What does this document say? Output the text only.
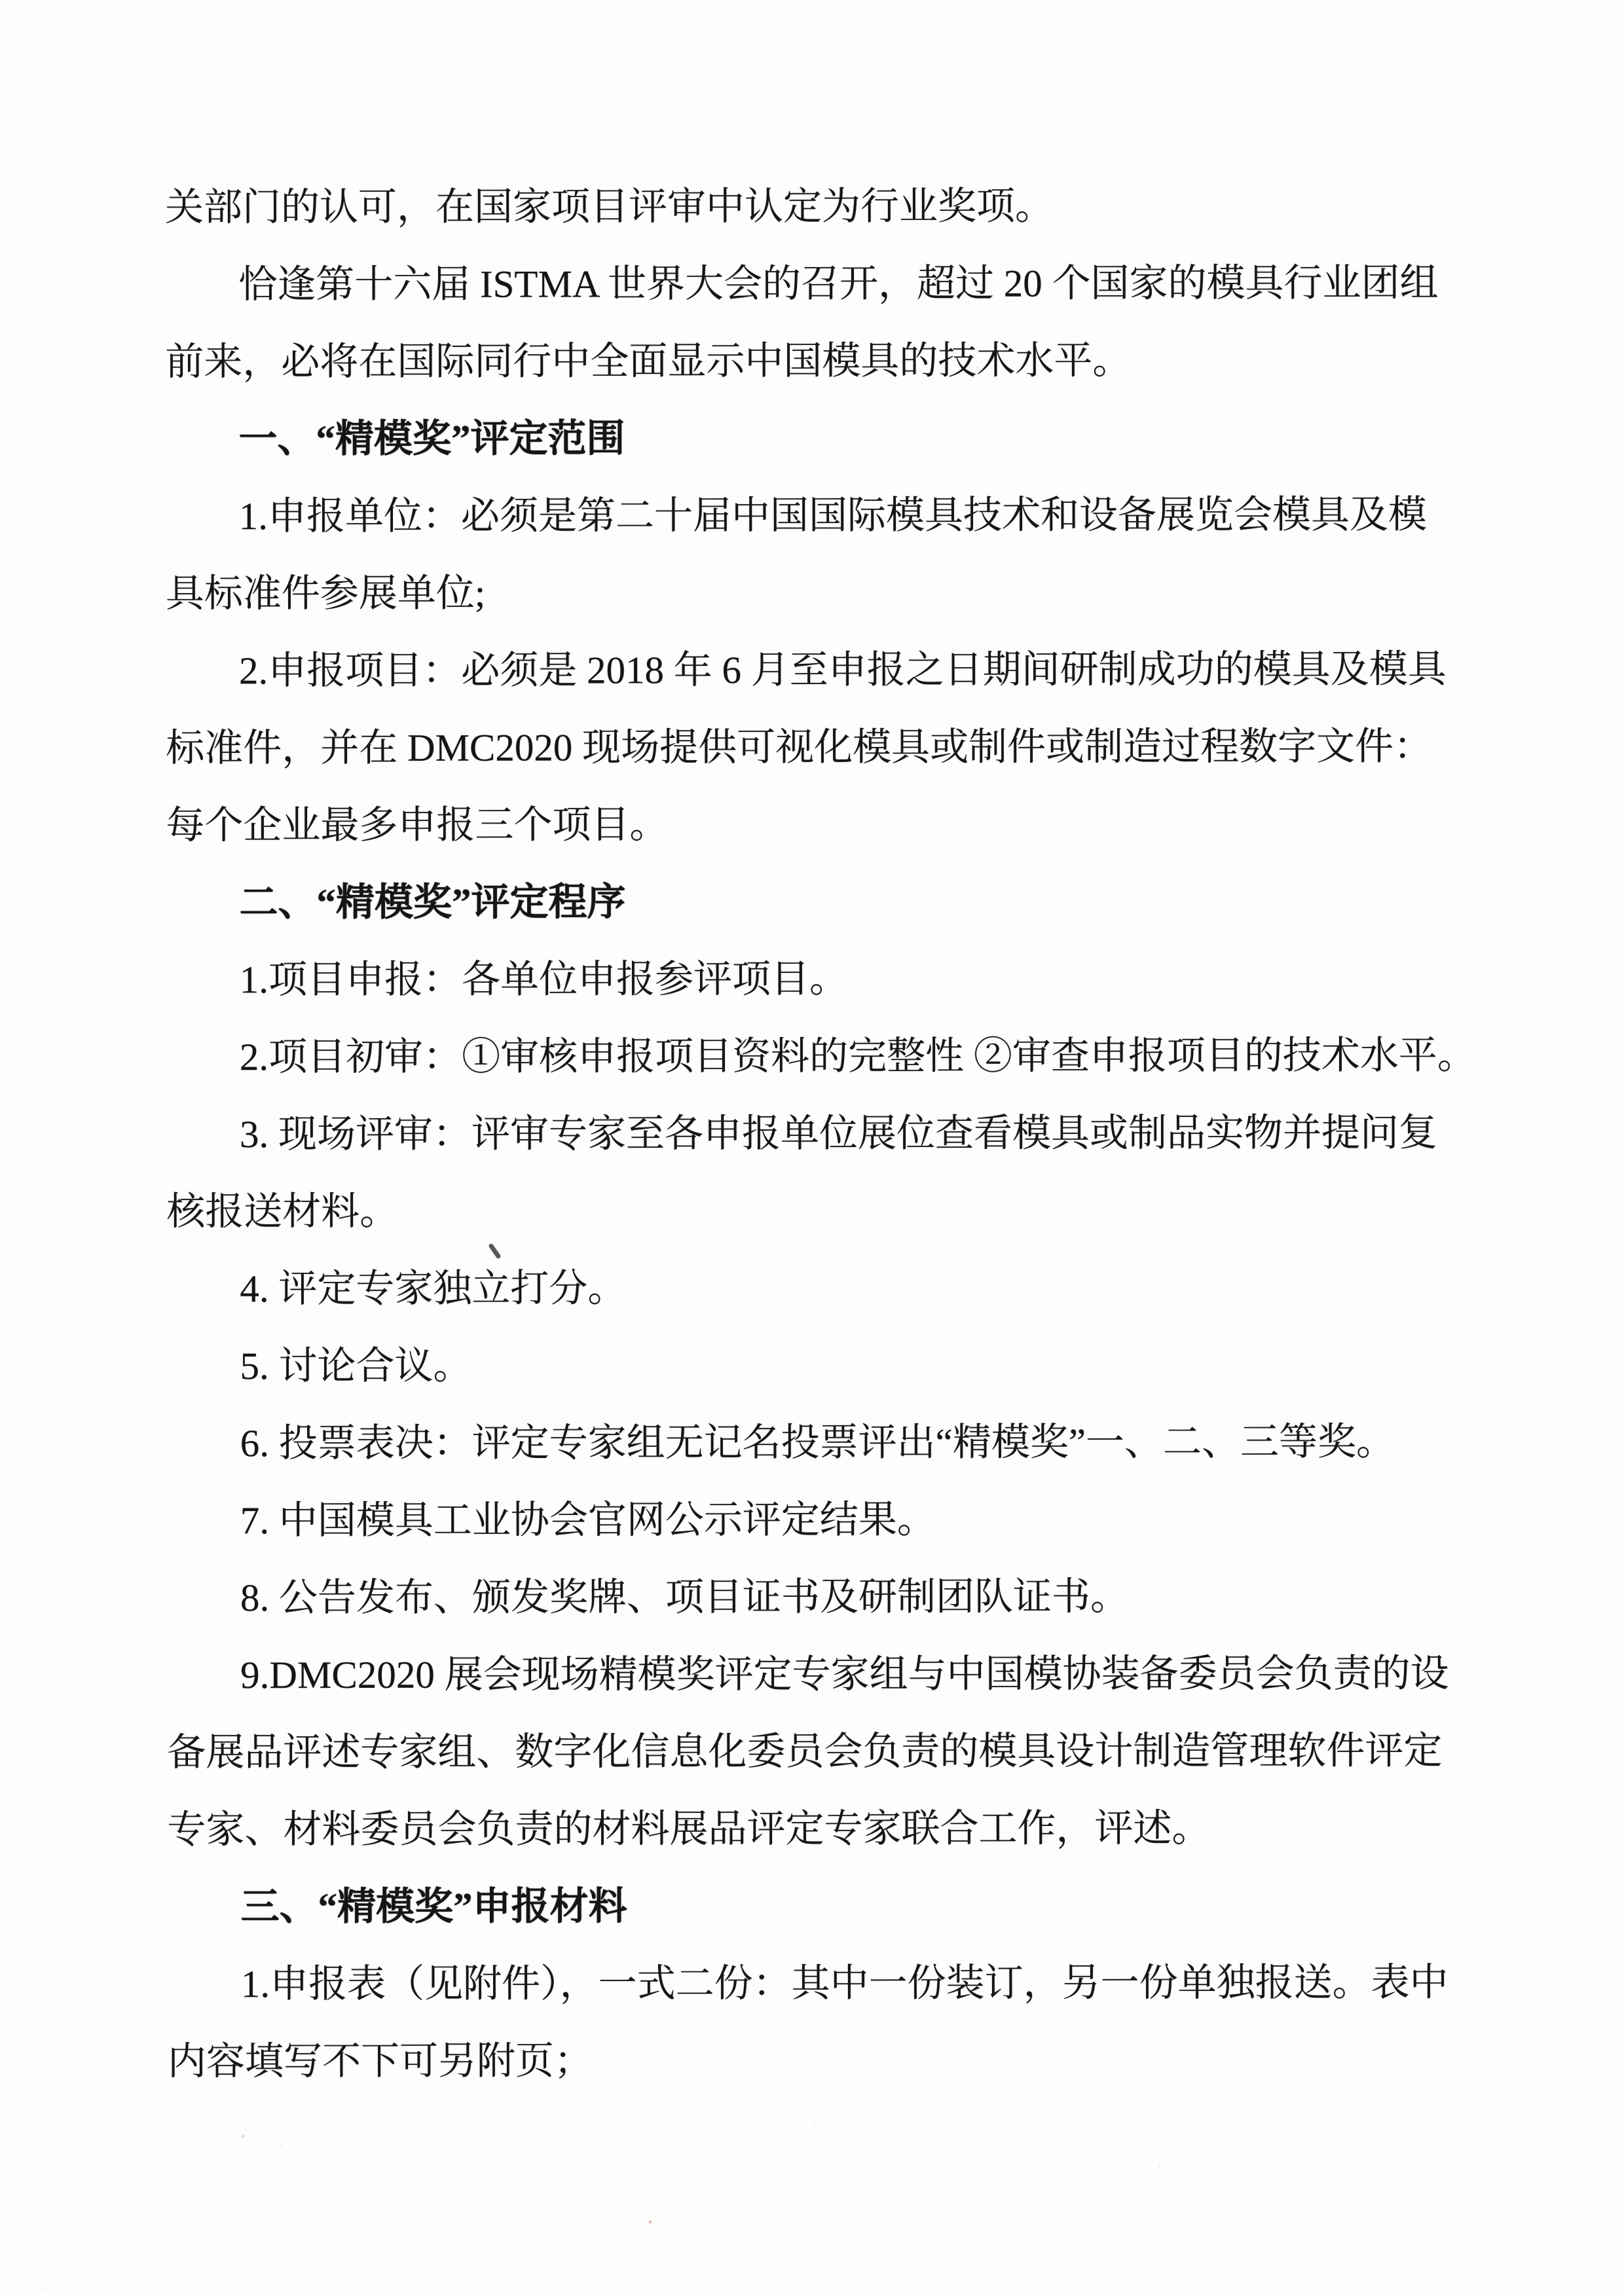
关部门的认可，在国家项目评审中认定为行业奖项。
恰逢第十六届 ISTMA 世界大会的召开，超过 20 个国家的模具行业团组
前来，必将在国际同行中全面显示中国模具的技术水平。
一、“精模奖”评定范围
1.申报单位：必须是第二十届中国国际模具技术和设备展览会模具及模
具标准件参展单位;
2.申报项目：必须是 2018 年 6 月至申报之日期间研制成功的模具及模具
标准件，并在 DMC2020 现场提供可视化模具或制件或制造过程数字文件：
每个企业最多申报三个项目。
二、“精模奖”评定程序
1.项目申报：各单位申报参评项目。
2.项目初审：①审核申报项目资料的完整性 ②审查申报项目的技术水平。
3. 现场评审：评审专家至各申报单位展位查看模具或制品实物并提问复
核报送材料。
4. 评定专家独立打分。
5. 讨论合议。
6. 投票表决：评定专家组无记名投票评出“精模奖”一、二、三等奖。
7. 中国模具工业协会官网公示评定结果。
8. 公告发布、颁发奖牌、项目证书及研制团队证书。
9.DMC2020 展会现场精模奖评定专家组与中国模协装备委员会负责的设
备展品评述专家组、数字化信息化委员会负责的模具设计制造管理软件评定
专家、材料委员会负责的材料展品评定专家联合工作，评述。
三、“精模奖”申报材料
1.申报表（见附件），一式二份：其中一份装订，另一份单独报送。表中
内容填写不下可另附页；
